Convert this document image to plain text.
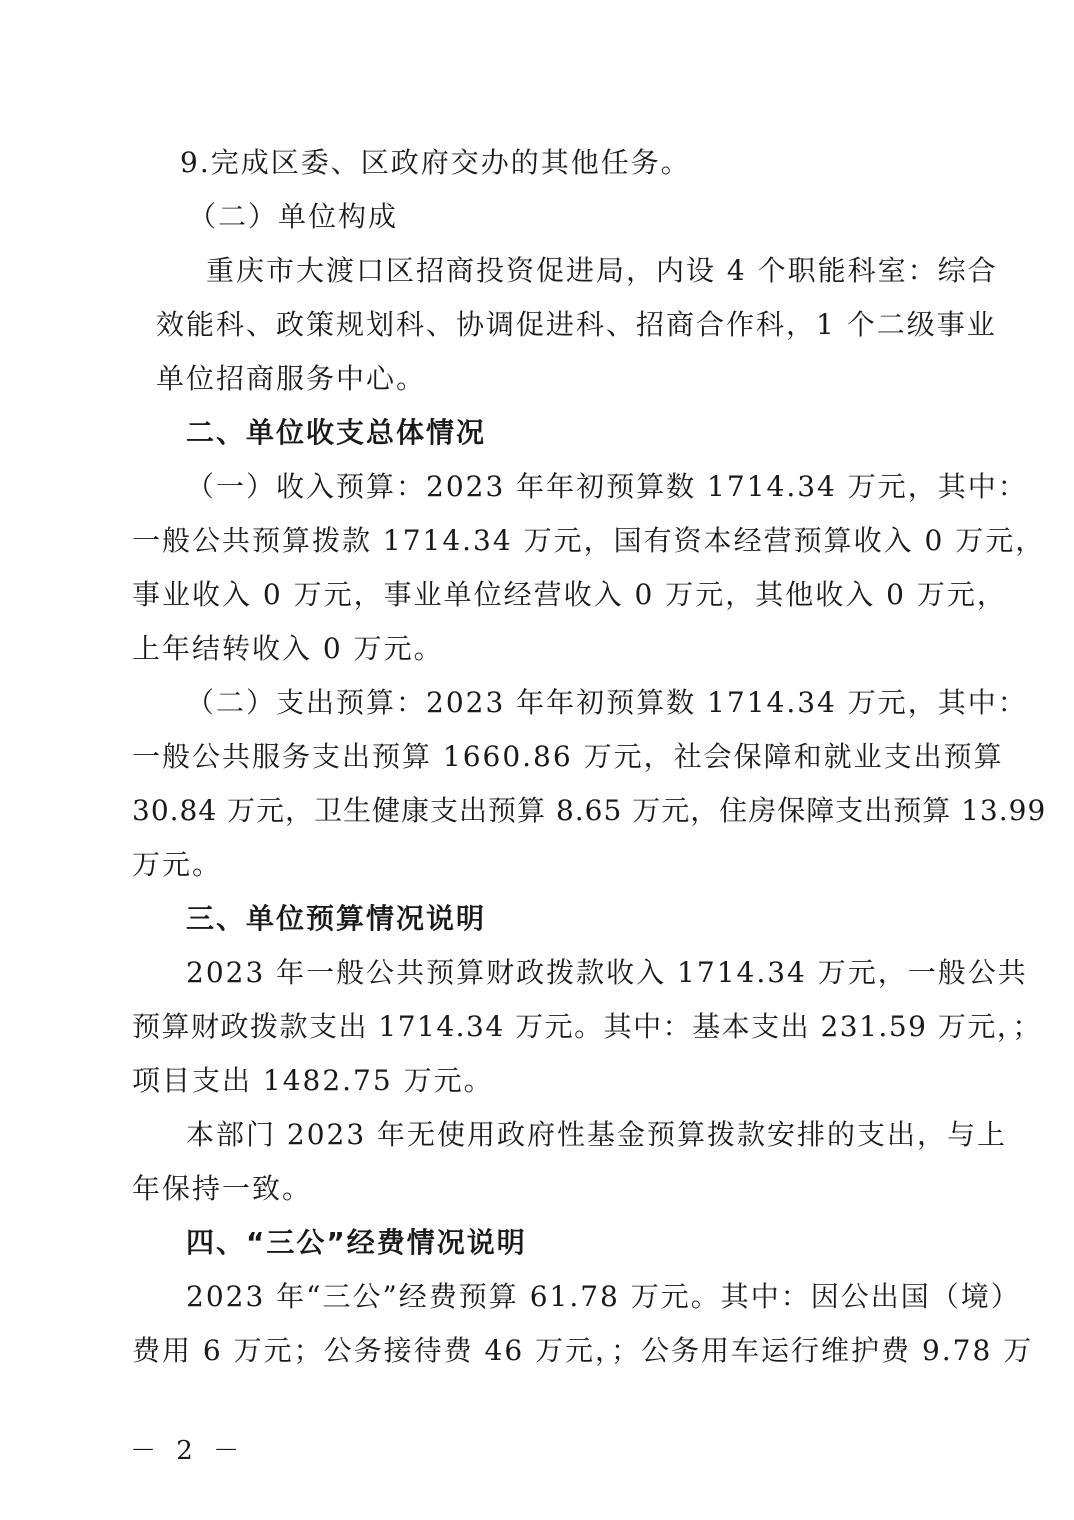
9.完成区委、区政府交办的其他任务。
（二）单位构成
重庆市大渡口区招商投资促进局，内设 4 个职能科室：综合
效能科、政策规划科、协调促进科、招商合作科，1 个二级事业
单位招商服务中心。
二、单位收支总体情况
（一）收入预算：2023 年年初预算数 1714.34 万元，其中：
一般公共预算拨款 1714.34 万元，国有资本经营预算收入 0 万元，
事业收入 0 万元，事业单位经营收入 0 万元，其他收入 0 万元，
上年结转收入 0 万元。
（二）支出预算：2023 年年初预算数 1714.34 万元，其中：
一般公共服务支出预算 1660.86 万元，社会保障和就业支出预算
30.84 万元，卫生健康支出预算 8.65 万元，住房保障支出预算 13.99
万元。
三、单位预算情况说明
2023 年一般公共预算财政拨款收入 1714.34 万元，一般公共
预算财政拨款支出 1714.34 万元。其中：基本支出 231.59 万元，；
项目支出 1482.75 万元。
本部门 2023 年无使用政府性基金预算拨款安排的支出，与上
年保持一致。
四、“三公”经费情况说明
2023 年“三公”经费预算 61.78 万元。其中：因公出国（境）
费用 6 万元；公务接待费 46 万元，；公务用车运行维护费 9.78 万
－ 2 －
